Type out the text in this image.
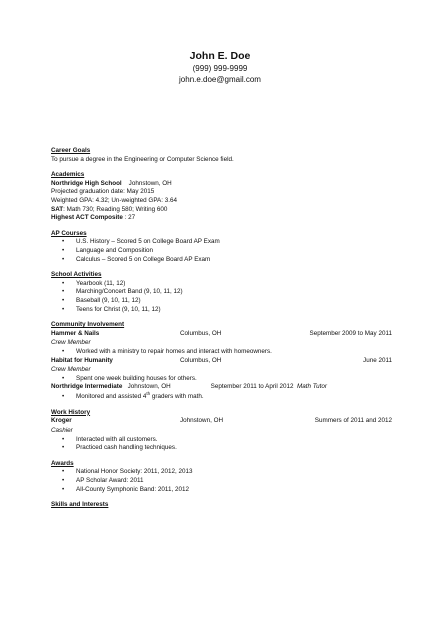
John E. Doe
(999) 999-9999
john.e.doe@gmail.com
Career Goals
To pursue a degree in the Engineering or Computer Science field.
Academics
Northridge High School Johnstown, OH
Projected graduation date: May 2015
Weighted GPA: 4.32; Un-weighted GPA: 3.64
SAT: Math 730; Reading 580; Writing 600
Highest ACT Composite : 27
AP Courses
• U.S. History – Scored 5 on College Board AP Exam
• Language and Composition
• Calculus – Scored 5 on College Board AP Exam
School Activities
• Yearbook (11, 12)
• Marching/Concert Band (9, 10, 11, 12)
• Baseball (9, 10, 11, 12)
• Teens for Christ (9, 10, 11, 12)
Community Involvement
Hammer & Nails	Columbus, OH	September 2009 to May 2011
Crew Member
• Worked with a ministry to repair homes and interact with homeowners.
Habitat for Humanity	Columbus, OH	June 2011
Crew Member
• Spent one week building houses for others.
Northridge Intermediate Johnstown, OH	September 2011 to April 2012 Math Tutor
• Monitored and assisted 4th graders with math.
Work History
Kroger	Johnstown, OH	Summers of 2011 and 2012
Cashier
• Interacted with all customers.
• Practiced cash handling techniques.
Awards
• National Honor Society: 2011, 2012, 2013
• AP Scholar Award: 2011
• All-County Symphonic Band: 2011, 2012
Skills and Interests
